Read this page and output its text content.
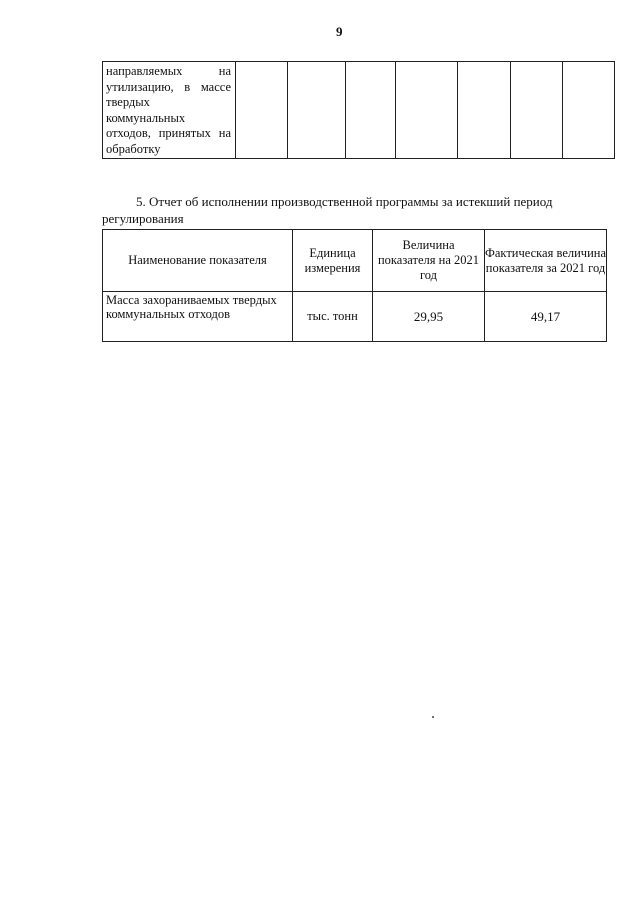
9
направляемых на утилизацию, в массе твердых коммунальных отходов, принятых на обработку							
5. Отчет об исполнении производственной программы за истекший период регулирования
Наименование показателя	Единица измерения	Величина показателя на 2021 год	Фактическая величина показателя за 2021 год
Масса захораниваемых твердых коммунальных отходов	тыс. тонн	29,95	49,17
